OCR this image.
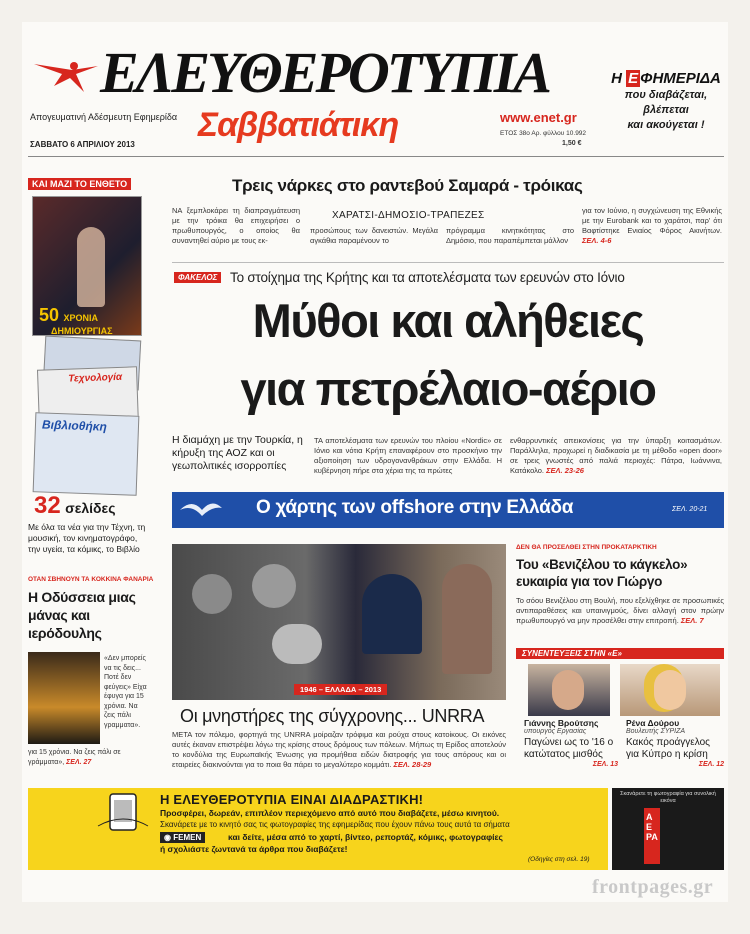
ΕΛΕΥΘΕΡΟΤΥΠΙΑ
Απογευματινή Αδέσμευτη Εφημερίδα Σαββατιάτικη	www.enet.gr
ΕΤΟΣ 38ο Αρ. φύλλου 10.992
1,50 €
ΣΑΒΒΑΤΟ 6 ΑΠΡΙΛΙΟΥ 2013
Η Ε ΦΗΜΕΡΙΔΑ
που διαβάζεται,
βλέπεται
και ακούγεται !
ΚΑΙ ΜΑΖΙ ΤΟ ΕΝΘΕΤΟ
50 ΧΡΟΝΙΑ
ΔΗΜΙΟΥΡΓΙΑΣ
Τεχνολογία
Βιβλιοθήκη
32 σελίδες
Με όλα τα νέα για την Τέχνη, τη μουσική, τον κινηματογράφο, την υγεία, τα κόμικς, το Βιβλίο
ΟΤΑΝ ΣΒΗΝΟΥΝ ΤΑ ΚΟΚΚΙΝΑ ΦΑΝΑΡΙΑ
Η Οδύσσεια μιας μάνας και ιερόδουλης
«Δεν μπορείς να τις δεις... Ποτέ δεν φεύγεις» Είχα έφυγα για 15 χρόνια. Να ζεις πάλι γραμματα».
για 15 χρόνια. Να ζεις πάλι σε γράμματα», ΣΕΛ. 27
Τρεις νάρκες στο ραντεβού Σαμαρά - τρόικας
ΧΑΡΑΤΣΙ-ΔΗΜΟΣΙΟ-ΤΡΑΠΕΖΕΣ
ΝΑ ξεμπλοκάρει τη διαπραγμάτευση με την τρόικα θα επιχειρήσει ο πρωθυπουργός, ο οποίος θα συναντηθεί αύριο με τους εκ-
προσώπους των δανειστών. Μεγάλα αγκάθια παραμένουν το
πρόγραμμα κινητικότητας στο Δημόσιο, που παραπέμπεται μάλλον
για τον Ιούνιο, η συγχώνευση της Εθνικής με την Eurobank και το χαράτσι, παρ' ότι Βαφτίστηκε Ενιαίος Φόρος Ακινήτων. ΣΕΛ. 4-6
ΦΑΚΕΛΟΣ Το στοίχημα της Κρήτης και τα αποτελέσματα των ερευνών στο Ιόνιο
Μύθοι και αλήθειες
για πετρέλαιο-αέριο
Η διαμάχη με την Τουρκία, η κήρυξη της ΑΟΖ και οι γεωπολιτικές ισορροπίες
ΤΑ αποτελέσματα των ερευνών του πλοίου «Nordic» σε Ιόνιο και νότια Κρήτη επαναφέρουν στο προσκήνιο την αξιοποίηση των υδρογονανθράκων στην Ελλάδα. Η κυβέρνηση πήρε στα χέρια της τα πρώτες
ενθαρρυντικές απεικονίσεις για την ύπαρξη κοιτασμάτων. Παράλληλα, προχωρεί η διαδικασία με τη μέθοδο «open door» σε τρεις γνωστές από παλιά περιοχές: Πάτρα, Ιωάννινα, Κατάκολο. ΣΕΛ. 23-26
Ο χάρτης των offshore στην Ελλάδα	ΣΕΛ. 20-21
1946 – ΕΛΛΑΔΑ – 2013
Οι μνηστήρες της σύγχρονης... UNRRA
ΜΕΤΑ τον πόλεμο, φορτηγά της UNRRA μοίραζαν τρόφιμα και ρούχα στους κατοίκους. Οι εικόνες αυτές έκαναν επιστρέψει λόγω της κρίσης στους δρόμους των πόλεων. Μήπως τη Ερίδος αποτελούν το κονδύλια της Ευρωπαϊκής Ένωσης για προμήθεια ειδών διατροφής για τους απόρους και οι εταιρείες διακινούνται για το ποια θα πάρει το μεγαλύτερο κομμάτι. ΣΕΛ. 28-29
ΔΕΝ ΘΑ ΠΡΟΣΕΛΘΕΙ ΣΤΗΝ ΠΡΟΚΑΤΑΡΚΤΙΚΗ
Του «Βενιζέλου το κάγκελο» ευκαιρία για τον Γιώργο
Το σόου Βενιζέλου στη Βουλή, που εξελίχθηκε σε προσωπικές αντιπαραθέσεις και υπαινιγμούς, δίνει αλλαγή στον πρώην πρωθυπουργό να μην προσέλθει στην επιτροπή. ΣΕΛ. 7
ΣΥΝΕΝΤΕΥΞΕΙΣ ΣΤΗΝ «Ε»
Γιάννης Βρούτσης
υπουργός Εργασίας
Παγώνει ως το '16 ο κατώτατος μισθός
ΣΕΛ. 13
Ρένα Δούρου
Βουλευτής ΣΥΡΙΖΑ
Κακός προάγγελος για Κύπρο η κρίση
ΣΕΛ. 12
Η ΕΛΕΥΘΕΡΟΤΥΠΙΑ ΕΙΝΑΙ ΔΙΑΔΡΑΣΤΙΚΗ!
Προσφέρει, δωρεάν, επιπλέον περιεχόμενο από αυτό που διαβάζετε, μέσω κινητού.
Σκανάρετε με το κινητό σας τις φωτογραφίες της εφημερίδας που έχουν πάνω τους αυτά τα σήματα
◉ FEMEN	και δείτε, μέσα από το χαρτί, βίντεο, ρεπορτάζ, κόμικς, φωτογραφίες
ή σχολιάστε ζωντανά τα άρθρα που διαβάζετε!
(Οδηγίες στη σελ. 19)
Σκανάρετε τη φωτογραφία για συνολική εικόνα
ΑΕΡΑ
frontpages.gr
